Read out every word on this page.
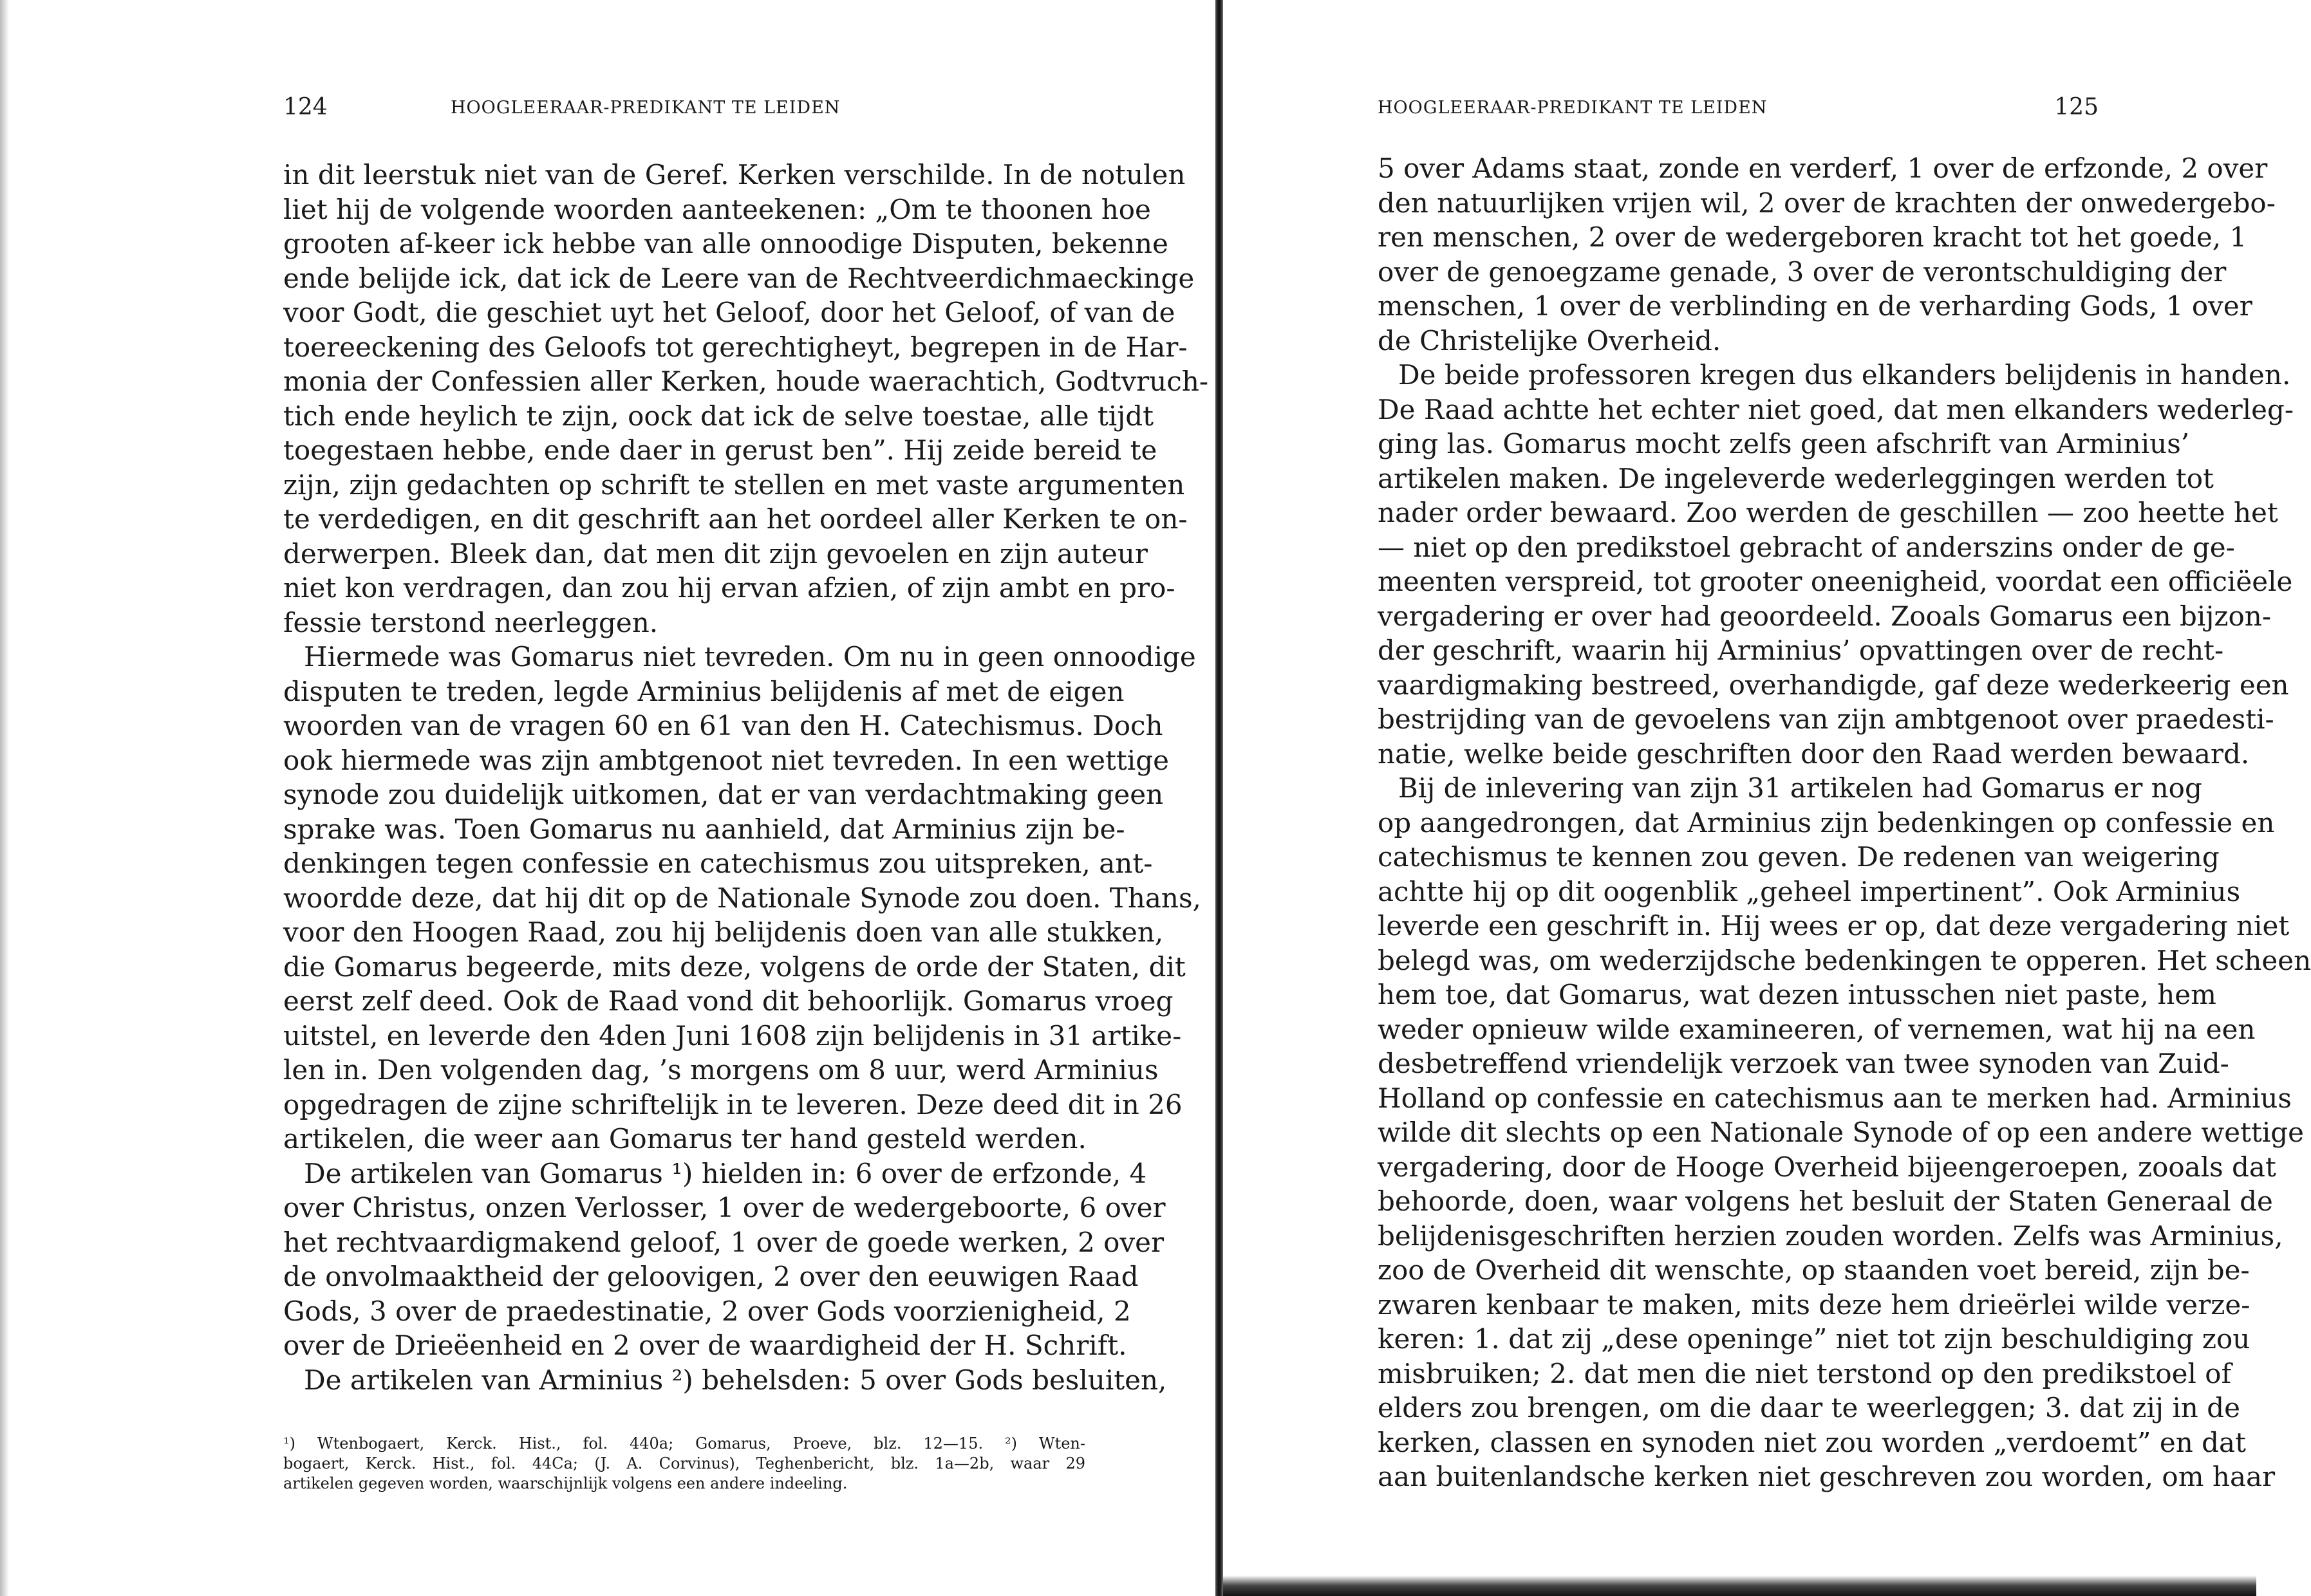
124	HOOGLEERAAR-PREDIKANT TE LEIDEN
in dit leerstuk niet van de Geref. Kerken verschilde. In de notulen
liet hij de volgende woorden aanteekenen: „Om te thoonen hoe
grooten af-keer ick hebbe van alle onnoodige Disputen, bekenne
ende belijde ick, dat ick de Leere van de Rechtveerdichmaeckinge
voor Godt, die geschiet uyt het Geloof, door het Geloof, of van de
toereeckening des Geloofs tot gerechtigheyt, begrepen in de Har-
monia der Confessien aller Kerken, houde waerachtich, Godtvruch-
tich ende heylich te zijn, oock dat ick de selve toestae, alle tijdt
toegestaen hebbe, ende daer in gerust ben”. Hij zeide bereid te
zijn, zijn gedachten op schrift te stellen en met vaste argumenten
te verdedigen, en dit geschrift aan het oordeel aller Kerken te on-
derwerpen. Bleek dan, dat men dit zijn gevoelen en zijn auteur
niet kon verdragen, dan zou hij ervan afzien, of zijn ambt en pro-
fessie terstond neerleggen.
Hiermede was Gomarus niet tevreden. Om nu in geen onnoodige
disputen te treden, legde Arminius belijdenis af met de eigen
woorden van de vragen 60 en 61 van den H. Catechismus. Doch
ook hiermede was zijn ambtgenoot niet tevreden. In een wettige
synode zou duidelijk uitkomen, dat er van verdachtmaking geen
sprake was. Toen Gomarus nu aanhield, dat Arminius zijn be-
denkingen tegen confessie en catechismus zou uitspreken, ant-
woordde deze, dat hij dit op de Nationale Synode zou doen. Thans,
voor den Hoogen Raad, zou hij belijdenis doen van alle stukken,
die Gomarus begeerde, mits deze, volgens de orde der Staten, dit
eerst zelf deed. Ook de Raad vond dit behoorlijk. Gomarus vroeg
uitstel, en leverde den 4den Juni 1608 zijn belijdenis in 31 artike-
len in. Den volgenden dag, ’s morgens om 8 uur, werd Arminius
opgedragen de zijne schriftelijk in te leveren. Deze deed dit in 26
artikelen, die weer aan Gomarus ter hand gesteld werden.
De artikelen van Gomarus ¹) hielden in: 6 over de erfzonde, 4
over Christus, onzen Verlosser, 1 over de wedergeboorte, 6 over
het rechtvaardigmakend geloof, 1 over de goede werken, 2 over
de onvolmaaktheid der geloovigen, 2 over den eeuwigen Raad
Gods, 3 over de praedestinatie, 2 over Gods voorzienigheid, 2
over de Drieëenheid en 2 over de waardigheid der H. Schrift.
De artikelen van Arminius ²) behelsden: 5 over Gods besluiten,
¹) Wtenbogaert, Kerck. Hist., fol. 440a; Gomarus, Proeve, blz. 12—15. ²) Wten-
bogaert, Kerck. Hist., fol. 44Ca; (J. A. Corvinus), Teghenbericht, blz. 1a—2b, waar 29
artikelen gegeven worden, waarschijnlijk volgens een andere indeeling.
HOOGLEERAAR-PREDIKANT TE LEIDEN	125
5 over Adams staat, zonde en verderf, 1 over de erfzonde, 2 over
den natuurlijken vrijen wil, 2 over de krachten der onwedergebo-
ren menschen, 2 over de wedergeboren kracht tot het goede, 1
over de genoegzame genade, 3 over de verontschuldiging der
menschen, 1 over de verblinding en de verharding Gods, 1 over
de Christelijke Overheid.
De beide professoren kregen dus elkanders belijdenis in handen.
De Raad achtte het echter niet goed, dat men elkanders wederleg-
ging las. Gomarus mocht zelfs geen afschrift van Arminius’
artikelen maken. De ingeleverde wederleggingen werden tot
nader order bewaard. Zoo werden de geschillen — zoo heette het
— niet op den predikstoel gebracht of anderszins onder de ge-
meenten verspreid, tot grooter oneenigheid, voordat een officiëele
vergadering er over had geoordeeld. Zooals Gomarus een bijzon-
der geschrift, waarin hij Arminius’ opvattingen over de recht-
vaardigmaking bestreed, overhandigde, gaf deze wederkeerig een
bestrijding van de gevoelens van zijn ambtgenoot over praedesti-
natie, welke beide geschriften door den Raad werden bewaard.
Bij de inlevering van zijn 31 artikelen had Gomarus er nog
op aangedrongen, dat Arminius zijn bedenkingen op confessie en
catechismus te kennen zou geven. De redenen van weigering
achtte hij op dit oogenblik „geheel impertinent”. Ook Arminius
leverde een geschrift in. Hij wees er op, dat deze vergadering niet
belegd was, om wederzijdsche bedenkingen te opperen. Het scheen
hem toe, dat Gomarus, wat dezen intusschen niet paste, hem
weder opnieuw wilde examineeren, of vernemen, wat hij na een
desbetreffend vriendelijk verzoek van twee synoden van Zuid-
Holland op confessie en catechismus aan te merken had. Arminius
wilde dit slechts op een Nationale Synode of op een andere wettige
vergadering, door de Hooge Overheid bijeengeroepen, zooals dat
behoorde, doen, waar volgens het besluit der Staten Generaal de
belijdenisgeschriften herzien zouden worden. Zelfs was Arminius,
zoo de Overheid dit wenschte, op staanden voet bereid, zijn be-
zwaren kenbaar te maken, mits deze hem drieërlei wilde verze-
keren: 1. dat zij „dese openinge” niet tot zijn beschuldiging zou
misbruiken; 2. dat men die niet terstond op den predikstoel of
elders zou brengen, om die daar te weerleggen; 3. dat zij in de
kerken, classen en synoden niet zou worden „verdoemt” en dat
aan buitenlandsche kerken niet geschreven zou worden, om haar
